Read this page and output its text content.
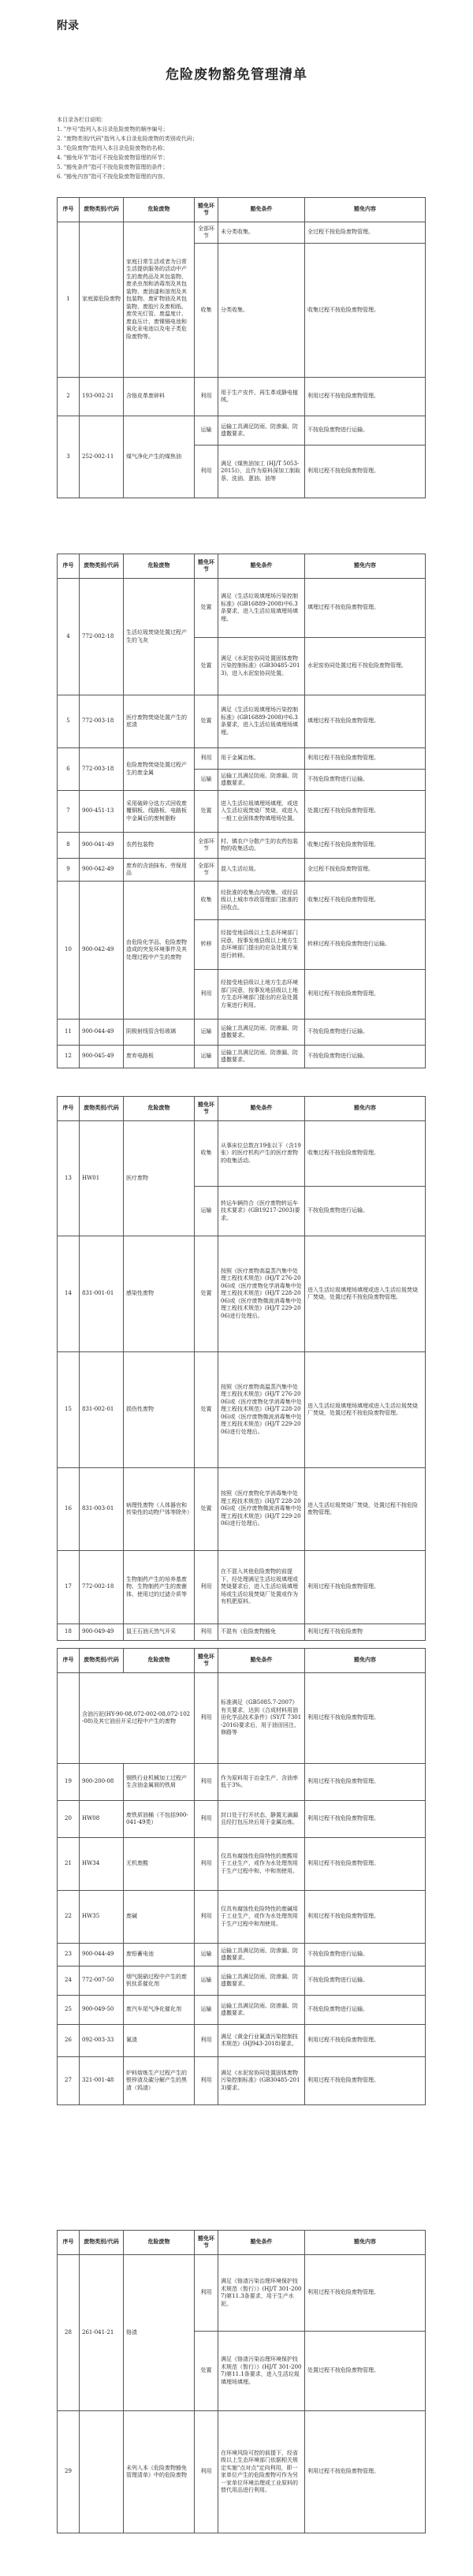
附录
危险废物豁免管理清单

本目录各栏目说明：

1. "序号"指列入本目录危险废物的顺序编号；

2. "废物类别/代码"指列入本目录危险废物的类别或代码；

3. "危险废物"指列入本目录危险废物的名称；

4. "豁免环节"指可不按危险废物管理的环节；

5. "豁免条件"指可不按危险废物管理的条件；

6. "豁免内容"指可不按危险废物管理的内容。

序号	废物类别/代码	危险废物	豁免环节	豁免条件	豁免内容
1	家庭源危险废物	家庭日常生活或者为日常生活提供服务的活动中产生的废药品及其包装物、废杀虫剂和消毒剂及其包装物、废油漆和溶剂及其包装物、废矿物油及其包装物、废胶片及废相纸、废荧光灯管、废温度计、废血压计、废镍镉电池和氧化汞电池以及电子类危险废物等。	全部环节	未分类收集。	全过程不按危险废物管理。
			收集	分类收集。	收集过程不按危险废物管理。
2	193-002-21	含铬皮革废碎料	利用	用于生产皮件、再生革或静电植绒。	利用过程不按危险废物管理。
3	252-002-11	煤气净化产生的煤焦油	运输	运输工具满足防雨、防渗漏、防遗撒要求。	不按危险废物进行运输。
			利用	满足《煤焦油加工 (HJ/T 5053-2015)》，且作为原料深加工制取萘、洗油、蒽油、油等	利用过程不按危险废物管理。
序号	废物类别/代码	危险废物	豁免环节	豁免条件	豁免内容
4	772-002-18	生活垃圾焚烧处置过程产生的飞灰	处置	满足《生活垃圾填埋场污染控制标准》(GB16889-2008)中6.3条要求，进入生活垃圾填埋场填埋。	填埋过程不按危险废物管理。
			处置	满足《水泥窑协同处置固体废物污染控制标准》(GB30485-2013)，进入水泥窑协同处置。	水泥窑协同处置过程不按危险废物管理。
5	772-003-18	医疗废物焚烧处置产生的底渣	处置	满足《生活垃圾填埋场污染控制标准》(GB16889-2008)中6.3条要求，进入生活垃圾填埋场填埋。	填埋过程不按危险废物管理。
6	772-003-18	危险废物焚烧处置过程产生的废金属	利用	用于金属冶炼。	利用过程不按危险废物管理。
			运输	运输工具满足防雨、防渗漏、防遗撒要求。	不按危险废物进行运输。
7	900-451-13	采用破碎分选方式回收废覆铜板、线路板、电路板中金属后的废树脂粉	处置	进入生活垃圾填埋场填埋，或进入生活垃圾焚烧厂焚烧，或进入一般工业固体废物填埋场处置。	处置过程不按危险废物管理。
8	900-041-49	农药包装物	全部环节	村、镇农户分散产生的农药包装物的收集活动。	收集过程不按危险废物管理。
9	900-042-49	废弃的含油抹布、劳保用品	全部环节	混入生活垃圾。	全过程不按危险废物管理。
10	900-042-49	由危险化学品、危险废物造成的突发环境事件及其处理过程中产生的废物	收集	经批准的收集点内收集、或经县级以上城市市政管理部门批准的回收点。	收集过程不按危险废物管理。
			转移	经接受地县级以上生态环境部门同意，按事发地县级以上地方生态环境部门提出的应急处置方案进行转移。	转移过程不按危险废物进行运输。
			利用	经接受地县级以上地方生态环境部门同意，按事发地县级以上地方生态环境部门提出的应急处置方案进行利用。	利用过程不按危险废物管理。
11	900-044-49	阴极射线管含铅玻璃	运输	运输工具满足防雨、防渗漏、防遗撒要求。	不按危险废物进行运输。
12	900-045-49	废弃电路板	运输	运输工具满足防雨、防渗漏、防遗撒要求。	不按危险废物进行运输。
序号	废物类别/代码	危险废物	豁免环节	豁免条件	豁免内容
13	HW01	医疗废物	收集	从事床位总数在19张以下（含19张）的医疗机构产生的医疗废物的收集活动。	收集过程不按危险废物管理。
			运输	转运车辆符合《医疗废物转运车技术要求》(GB19217-2003)要求。	不按危险废物进行运输。
14	831-001-01	感染性废物	处置	按照《医疗废物高温蒸汽集中处理工程技术规范》(HJ/T 276-2006)或《医疗废物化学消毒集中处理工程技术规范》(HJ/T 228-2006)或《医疗废物微波消毒集中处理工程技术规范》(HJ/T 229-2006)进行处理后。	进入生活垃圾填埋场填埋或进入生活垃圾焚烧厂焚烧，处置过程不按危险废物管理。
15	831-002-01	损伤性废物	处置	按照《医疗废物高温蒸汽集中处理工程技术规范》(HJ/T 276-2006)或《医疗废物化学消毒集中处理工程技术规范》(HJ/T 228-2006)或《医疗废物微波消毒集中处理工程技术规范》(HJ/T 229-2006)进行处理后。	进入生活垃圾填埋场填埋或进入生活垃圾焚烧厂焚烧，处置过程不按危险废物管理。
16	831-003-01	病理性废物（人体器官和传染性的动物尸体等除外）	处置	按照《医疗废物化学消毒集中处理工程技术规范》(HJ/T 228-2006)或《医疗废物微波消毒集中处理工程技术规范》(HJ/T 229-2006)进行处理后。	进入生活垃圾焚烧厂焚烧，处置过程不按危险废物管理。
17	772-002-18	生物制药产生的培养基废物、生物制药产生的废菌体、使用过的过滤介质等	利用	在不混入其他危险废物的前提下，经处理满足生活垃圾填埋或焚烧要求后，进入生活垃圾填埋场或生活垃圾焚烧厂处置或作为有机肥原料。	利用过程不按危险废物管理。
18	900-049-49	鼠王石油天然气开采	利用	不混有《危险废物豁免	利用过程不按危险废物
序号	废物类别/代码	危险废物	豁免环节	豁免条件	豁免内容
	含油污泥(HY-90-08,072-002-08,072-102-08)及其它油田开采过程中产生的废物		利用	标准满足《GB5085.7-2007》有关要求，达到《合成材料用油田化学品技术条件》(SY/T 7301-2016)要求后，用于油田回注、修路等	利用过程不按危险废物管理。
19	900-200-08	钢铁行业机械加工过程产生含油金属屑的铁屑	利用	作为原料用于冶金生产，含油率低于3%。	利用过程不按危险废物管理。
20	HW08	废铁质油桶（不包括900-041-49类）	利用	封口处于打开状态，静置无滴漏且经打包压块后用于金属冶炼。	利用过程不按危险废物管理。
21	HW34	无机废酸	利用	仅具有腐蚀性危险特性的废酸用于工业生产，或作为水处理剂用于生产过程中和、中和剂使用。	利用过程不按危险废物管理。
22	HW35	废碱	利用	仅具有腐蚀性危险特性的废碱用于工业生产，或作为水处理剂用于生产过程中和剂使用。	利用过程不按危险废物管理。
23	900-044-49	废铅蓄电池	运输	运输工具满足防雨、防渗漏、防遗撒要求。	不按危险废物进行运输。
24	772-007-50	烟气脱硝过程中产生的废钒钛系催化剂	运输	运输工具满足防雨、防渗漏、防遗撒要求。	不按危险废物进行运输。
25	900-049-50	废汽车尾气净化催化剂	运输	运输工具满足防雨、防渗漏、防遗撒要求。	不按危险废物进行运输。
26	092-003-33	氰渣	利用	满足《黄金行业氰渣污染控制技术规范》(HJ943-2018)要求。	利用过程不按危险废物管理。
27	321-001-48	炉料熔炼生产过程产生的银锌渣及碳分解产生的黑渣（钨渣）	利用	满足《水泥窑协同处置固体废物污染控制标准》(GB30485-2013)要求。	利用过程不按危险废物管理。
序号	废物类别/代码	危险废物	豁免环节	豁免条件	豁免内容
28	261-041-21	铬渣	利用	满足《铬渣污染治理环境保护技术规范（暂行）》(HJ/T 301-2007)第11.3条要求，用于生产水泥。	利用过程不按危险废物管理。
			处置	满足《铬渣污染治理环境保护技术规范（暂行）》(HJ/T 301-2007)第11.1条要求，进入生活垃圾填埋场填埋。	处置过程不按危险废物管理。
29		未列入本《危险废物豁免管理清单》中的危险废物	利用	在环境风险可控的前提下，经省级以上生态环境部门依据相关规定实施"点对点"定向利用，即一家单位产生的危险废物可作为另一家单位环境治理或工业原料的替代用品进行利用。	利用过程不按危险废物管理。
